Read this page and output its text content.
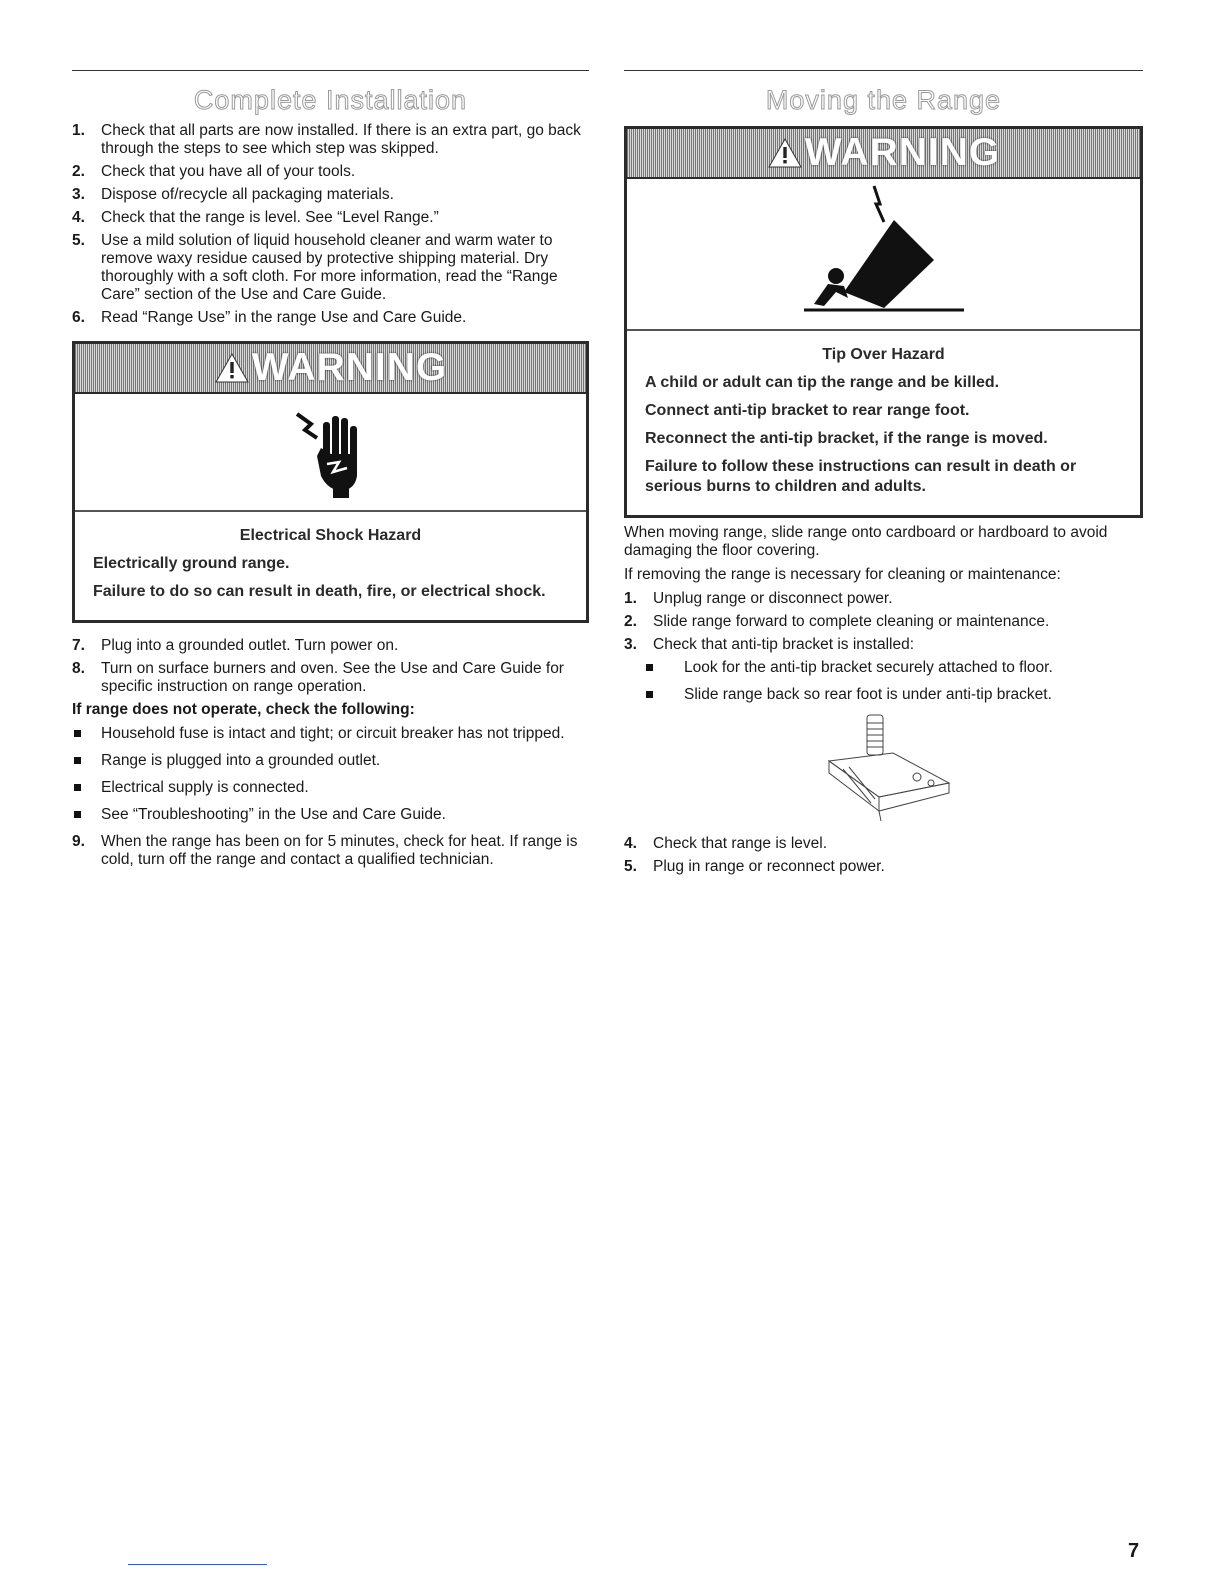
Complete Installation
1. Check that all parts are now installed. If there is an extra part, go back through the steps to see which step was skipped.
2. Check that you have all of your tools.
3. Dispose of/recycle all packaging materials.
4. Check that the range is level. See “Level Range.”
5. Use a mild solution of liquid household cleaner and warm water to remove waxy residue caused by protective shipping material. Dry thoroughly with a soft cloth. For more information, read the “Range Care” section of the Use and Care Guide.
6. Read “Range Use” in the range Use and Care Guide.
WARNING
Electrical Shock Hazard

Electrically ground range.

Failure to do so can result in death, fire, or electrical shock.

7. Plug into a grounded outlet. Turn power on.
8. Turn on surface burners and oven. See the Use and Care Guide for specific instruction on range operation.
If range does not operate, check the following:
Household fuse is intact and tight; or circuit breaker has not tripped.
Range is plugged into a grounded outlet.
Electrical supply is connected.
See “Troubleshooting” in the Use and Care Guide.
9. When the range has been on for 5 minutes, check for heat. If range is cold, turn off the range and contact a qualified technician.
Moving the Range
WARNING
Tip Over Hazard

A child or adult can tip the range and be killed.

Connect anti-tip bracket to rear range foot.

Reconnect the anti-tip bracket, if the range is moved.

Failure to follow these instructions can result in death or serious burns to children and adults.

When moving range, slide range onto cardboard or hardboard to avoid damaging the floor covering.

If removing the range is necessary for cleaning or maintenance:

1. Unplug range or disconnect power.
2. Slide range forward to complete cleaning or maintenance.
3. Check that anti-tip bracket is installed:
Look for the anti-tip bracket securely attached to floor.
Slide range back so rear foot is under anti-tip bracket.
4. Check that range is level.
5. Plug in range or reconnect power.
7
